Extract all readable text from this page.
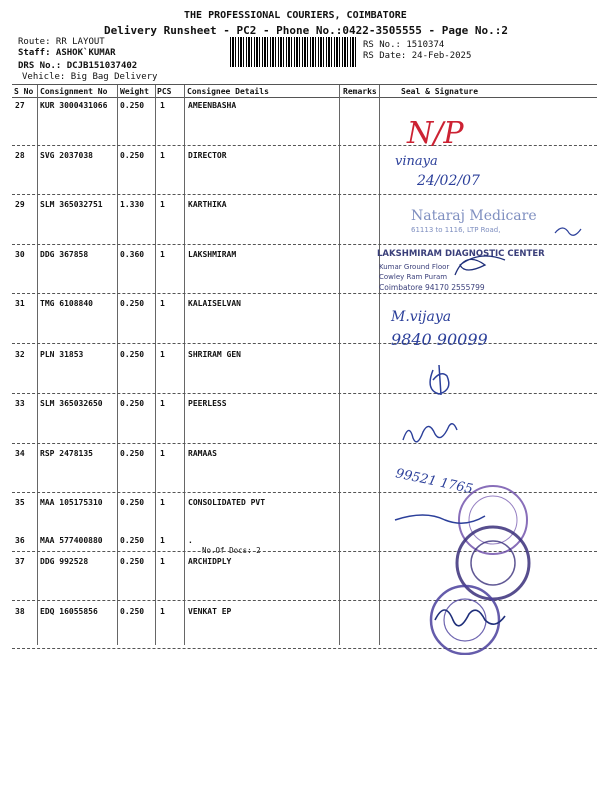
THE PROFESSIONAL COURIERS, COIMBATORE
Delivery Runsheet - PC2 - Phone No.:0422-3505555 - Page No.:2
Route: RR LAYOUT
Staff: ASHOK`KUMAR
DRS No.: DCJB151037402
Vehicle: Big Bag Delivery
RS No.: 1510374
RS Date: 24-Feb-2025
S No Consignment No Weight PCS Consignee Details	Remarks	Seal & Signature
27 KUR 3000431066 0.250 1	AMEENBASHA
28 SVG 2037038	0.250 1	DIRECTOR
29 SLM 365032751 1.330 1	KARTHIKA
30 DDG 367858	0.360 1	LAKSHMIRAM
31 TMG 6108840	0.250 1	KALAISELVAN
32 PLN 31853	0.250 1	SHRIRAM GEN
33 SLM 365032650 0.250 1	PEERLESS
34 RSP 2478135	0.250 1	RAMAAS
35 MAA 105175310 0.250 1	CONSOLIDATED PVT
36 MAA 577400880 0.250 1	.
No.Of Docs: 2
37 DDG 992528	0.250 1	ARCHIDPLY
38 EDQ 16055856	0.250 1	VENKAT EP
N/P
vinaya
24/02/07
Nataraj Medicare
61113 to 1116, LTP Road,
LAKSHMIRAM DIAGNOSTIC CENTER
Kumar Ground Floor
Cowley Ram Puram
Coimbatore 94170 2555799
M.vijaya
9840 90099
99521 1765
